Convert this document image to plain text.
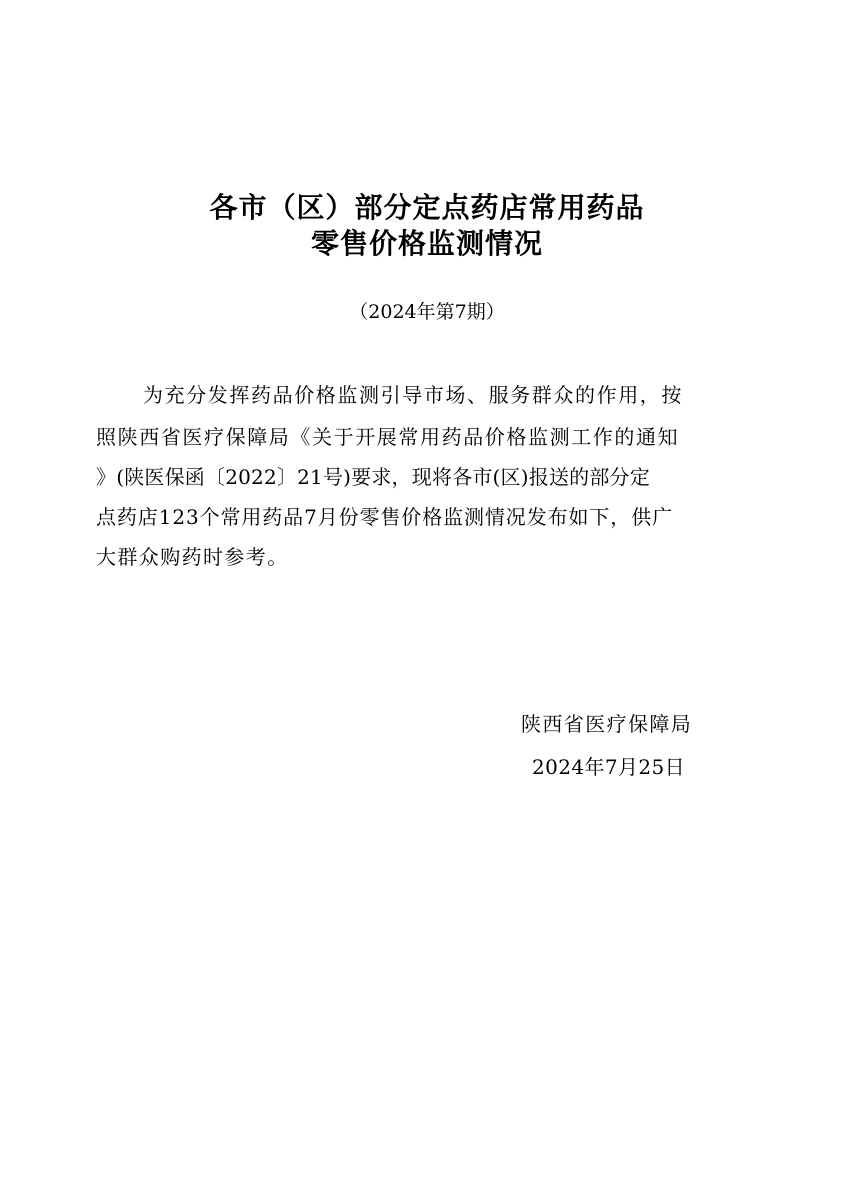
各市（区）部分定点药店常用药品
零售价格监测情况
（2024年第7期）
为充分发挥药品价格监测引导市场、服务群众的作用，按
照陕西省医疗保障局《关于开展常用药品价格监测工作的通知
》(陕医保函〔2022〕21号)要求，现将各市(区)报送的部分定
点药店123个常用药品7月份零售价格监测情况发布如下，供广
大群众购药时参考。
陕西省医疗保障局
2024年7月25日
